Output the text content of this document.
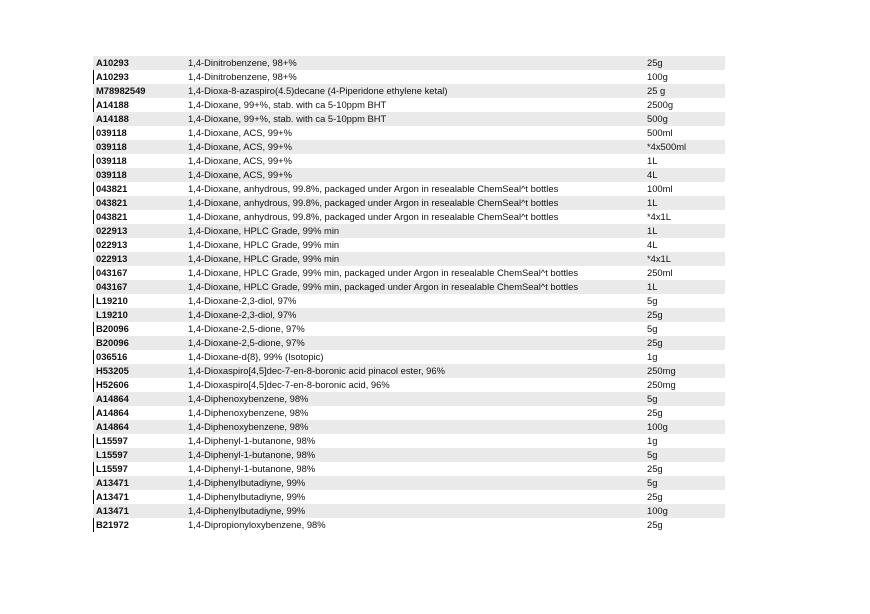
A10293	1,4-Dinitrobenzene, 98+%	25g
A10293	1,4-Dinitrobenzene, 98+%	100g
M78982549	1,4-Dioxa-8-azaspiro(4.5)decane (4-Piperidone ethylene ketal)	25 g
A14188	1,4-Dioxane, 99+%, stab. with ca 5-10ppm BHT	2500g
A14188	1,4-Dioxane, 99+%, stab. with ca 5-10ppm BHT	500g
039118	1,4-Dioxane, ACS, 99+%	500ml
039118	1,4-Dioxane, ACS, 99+%	*4x500ml
039118	1,4-Dioxane, ACS, 99+%	1L
039118	1,4-Dioxane, ACS, 99+%	4L
043821	1,4-Dioxane, anhydrous, 99.8%, packaged under Argon in resealable ChemSeal^t bottles	100ml
043821	1,4-Dioxane, anhydrous, 99.8%, packaged under Argon in resealable ChemSeal^t bottles	1L
043821	1,4-Dioxane, anhydrous, 99.8%, packaged under Argon in resealable ChemSeal^t bottles	*4x1L
022913	1,4-Dioxane, HPLC Grade, 99% min	1L
022913	1,4-Dioxane, HPLC Grade, 99% min	4L
022913	1,4-Dioxane, HPLC Grade, 99% min	*4x1L
043167	1,4-Dioxane, HPLC Grade, 99% min, packaged under Argon in resealable ChemSeal^t bottles	250ml
043167	1,4-Dioxane, HPLC Grade, 99% min, packaged under Argon in resealable ChemSeal^t bottles	1L
L19210	1,4-Dioxane-2,3-diol, 97%	5g
L19210	1,4-Dioxane-2,3-diol, 97%	25g
B20096	1,4-Dioxane-2,5-dione, 97%	5g
B20096	1,4-Dioxane-2,5-dione, 97%	25g
036516	1,4-Dioxane-d{8}, 99% (Isotopic)	1g
H53205	1,4-Dioxaspiro[4,5]dec-7-en-8-boronic acid pinacol ester, 96%	250mg
H52606	1,4-Dioxaspiro[4,5]dec-7-en-8-boronic acid, 96%	250mg
A14864	1,4-Diphenoxybenzene, 98%	5g
A14864	1,4-Diphenoxybenzene, 98%	25g
A14864	1,4-Diphenoxybenzene, 98%	100g
L15597	1,4-Diphenyl-1-butanone, 98%	1g
L15597	1,4-Diphenyl-1-butanone, 98%	5g
L15597	1,4-Diphenyl-1-butanone, 98%	25g
A13471	1,4-Diphenylbutadiyne, 99%	5g
A13471	1,4-Diphenylbutadiyne, 99%	25g
A13471	1,4-Diphenylbutadiyne, 99%	100g
B21972	1,4-Dipropionyloxybenzene, 98%	25g
